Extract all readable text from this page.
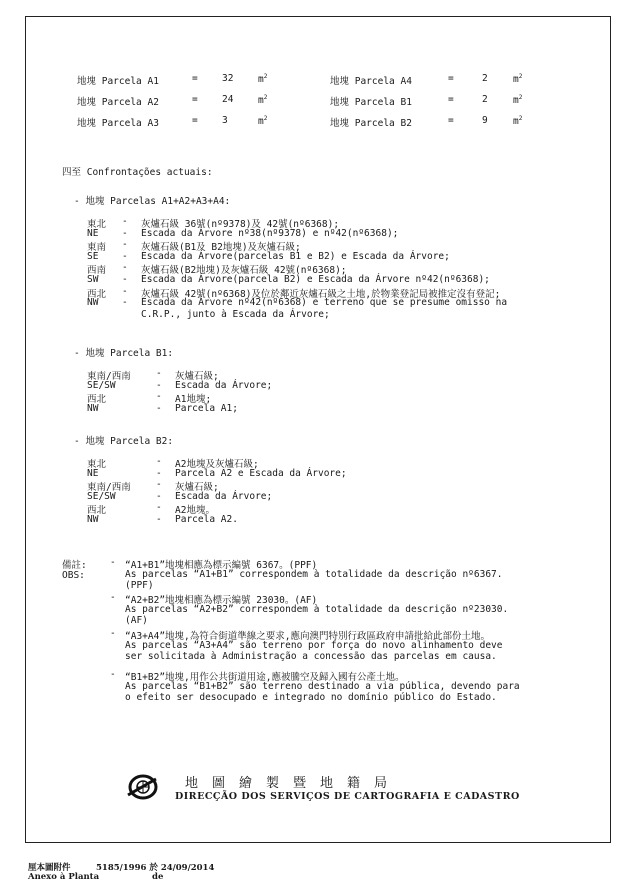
地塊 Parcela A1	=	32	$m^2$
地塊 Parcela A2	=	24	$m^2$
地塊 Parcela A3	=	3	$m^2$
地塊 Parcela A4	=	2	$m^2$
地塊 Parcela B1	=	2	$m^2$
地塊 Parcela B2	=	9	$m^2$
四至 Confrontações actuais:
- 地塊 Parcelas A1+A2+A3+A4:
東北 - 灰爐石級 36號(nº9378)及 42號(nº6368);
NE - Escada da Árvore nº38(nº9378) e nº42(nº6368);
東南 - 灰爐石級(B1及 B2地塊)及灰爐石級;
SE - Escada da Árvore(parcelas B1 e B2) e Escada da Árvore;
西南 - 灰爐石級(B2地塊)及灰爐石級 42號(nº6368);
SW - Escada da Árvore(parcela B2) e Escada da Árvore nº42(nº6368);
西北 - 灰爐石級 42號(nº6368)及位於鄰近灰爐石級之土地,於物業登記局被推定沒有登記;
NW - Escada da Árvore nº42(nº6368) e terreno que se presume omisso na
C.R.P., junto à Escada da Árvore;
- 地塊 Parcela B1:
東南/西南	- 灰爐石級;
SE/SW	- Escada da Árvore;
西北	- A1地塊;
NW	- Parcela A1;
- 地塊 Parcela B2:
東北	- A2地塊及灰爐石級;
NE	- Parcela A2 e Escada da Árvore;
東南/西南	- 灰爐石級;
SE/SW	- Escada da Árvore;
西北	- A2地塊。
NW	- Parcela A2.
備註:
OBS:
- “A1+B1”地塊相應為標示編號 6367。(PPF)
As parcelas “A1+B1” correspondem à totalidade da descrição nº6367.
(PPF)
- “A2+B2”地塊相應為標示編號 23030。(AF)
As parcelas “A2+B2” correspondem à totalidade da descrição nº23030.
(AF)
- “A3+A4”地塊,為符合街道準線之要求,應向澳門特別行政區政府申請批給此部份土地。
As parcelas “A3+A4” são terreno por força do novo alinhamento deve
ser solicitada à Administração a concessão das parcelas em causa.
- “B1+B2”地塊,用作公共街道用途,應被騰空及歸入國有公產土地。
As parcelas “B1+B2” são terreno destinado a via pública, devendo para
o efeito ser desocupado e integrado no domínio público do Estado.
地圖繪製暨地籍局
DIRECÇÃO DOS SERVIÇOS DE CARTOGRAFIA E CADASTRO
厘本圖附件	5185/1996 於 24/09/2014
Anexo à Planta	de
